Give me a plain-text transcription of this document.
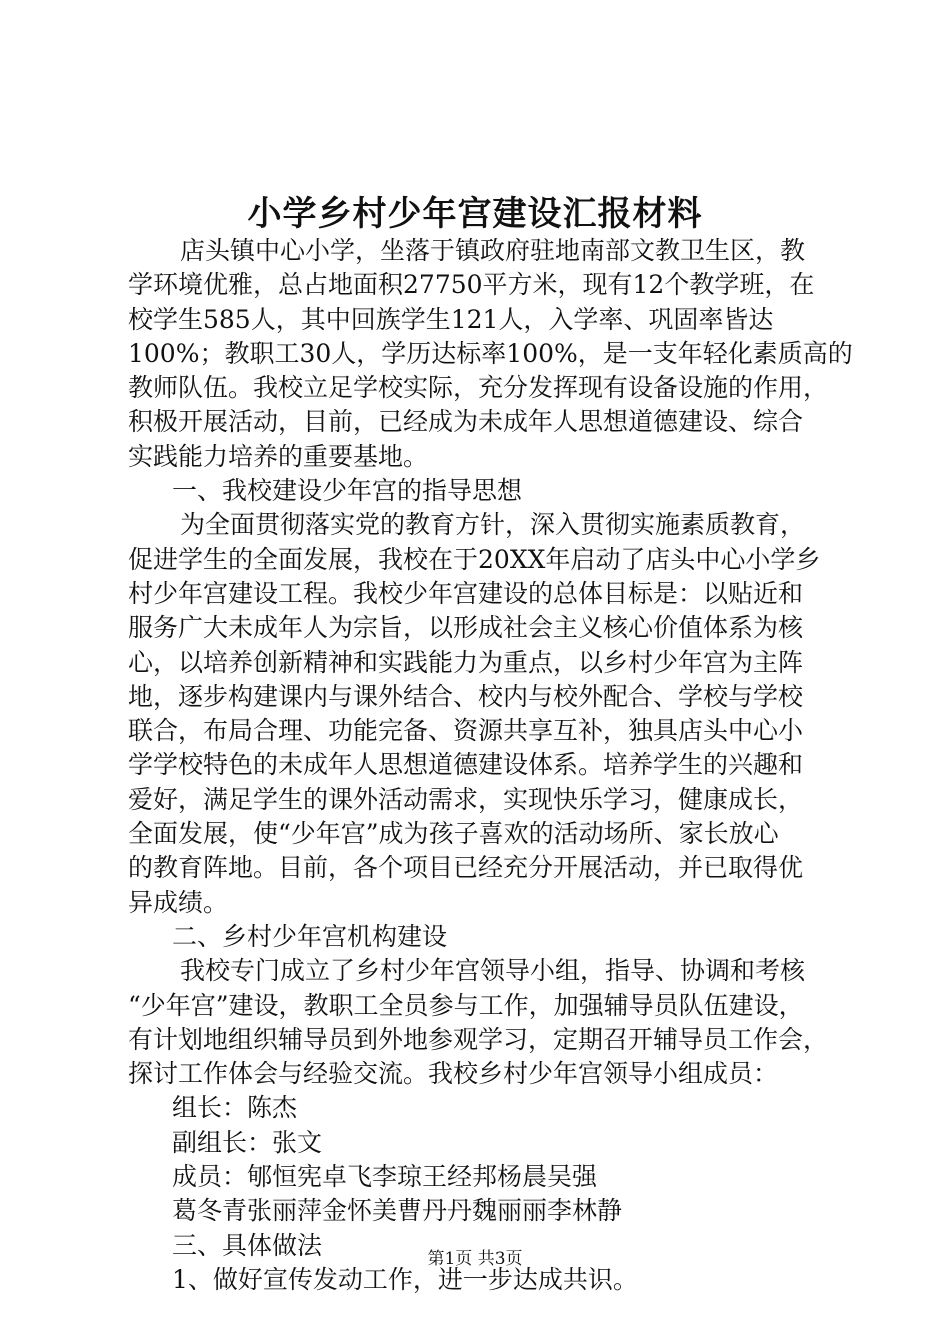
小学乡村少年宫建设汇报材料
店头镇中心小学，坐落于镇政府驻地南部文教卫生区，教
学环境优雅，总占地面积27750平方米，现有12个教学班，在
校学生585人，其中回族学生121人，入学率、巩固率皆达
100%；教职工30人，学历达标率100%，是一支年轻化素质高的
教师队伍。我校立足学校实际，充分发挥现有设备设施的作用，
积极开展活动，目前，已经成为未成年人思想道德建设、综合
实践能力培养的重要基地。
一、我校建设少年宫的指导思想
为全面贯彻落实党的教育方针，深入贯彻实施素质教育，
促进学生的全面发展，我校在于20XX年启动了店头中心小学乡
村少年宫建设工程。我校少年宫建设的总体目标是：以贴近和
服务广大未成年人为宗旨，以形成社会主义核心价值体系为核
心，以培养创新精神和实践能力为重点，以乡村少年宫为主阵
地，逐步构建课内与课外结合、校内与校外配合、学校与学校
联合，布局合理、功能完备、资源共享互补，独具店头中心小
学学校特色的未成年人思想道德建设体系。培养学生的兴趣和
爱好，满足学生的课外活动需求，实现快乐学习，健康成长，
全面发展，使“少年宫”成为孩子喜欢的活动场所、家长放心
的教育阵地。目前，各个项目已经充分开展活动，并已取得优
异成绩。
二、乡村少年宫机构建设
我校专门成立了乡村少年宫领导小组，指导、协调和考核
“少年宫”建设，教职工全员参与工作，加强辅导员队伍建设，
有计划地组织辅导员到外地参观学习，定期召开辅导员工作会，
探讨工作体会与经验交流。我校乡村少年宫领导小组成员：
组长：陈杰
副组长：张文
成员：郇恒宪卓飞李琼王经邦杨晨吴强
葛冬青张丽萍金怀美曹丹丹魏丽丽李林静
三、具体做法
1、做好宣传发动工作，进一步达成共识。
第1页 共3页
